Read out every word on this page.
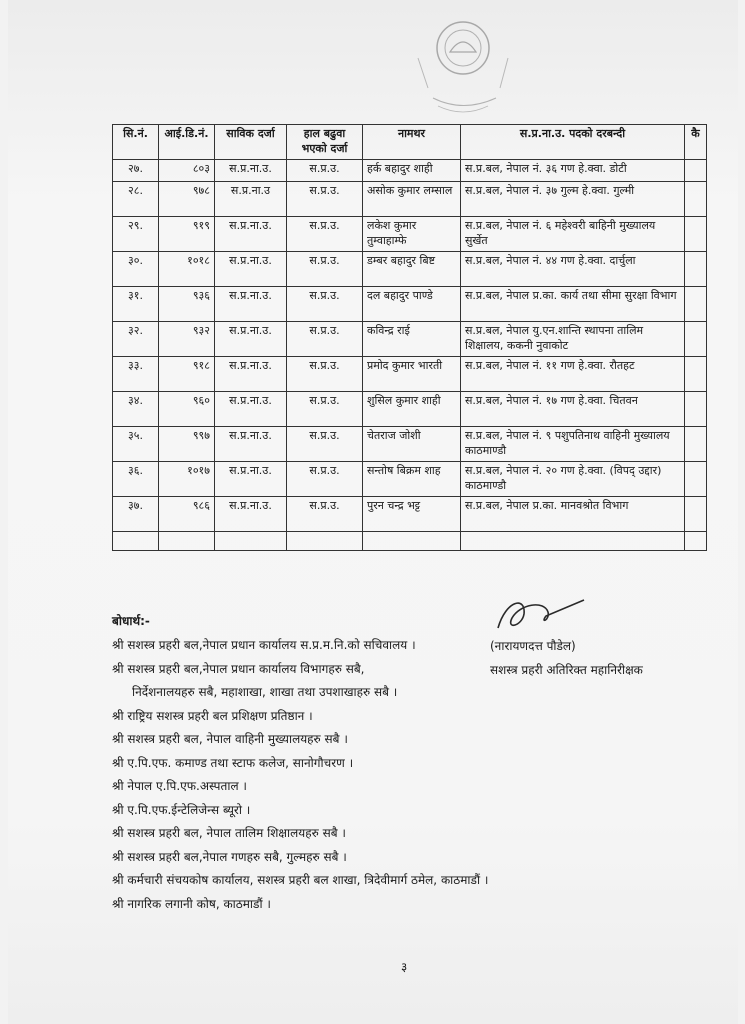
सि.नं.	आई.डि.नं.	साविक दर्जा	हाल बढुवा भएको दर्जा	नामथर	स.प्र.ना.उ. पदको दरबन्दी	कै
२७.	८०३	स.प्र.ना.उ.	स.प्र.उ.	हर्क बहादुर शाही	स.प्र.बल, नेपाल नं. ३६ गण हे.क्वा. डोटी	
२८.	९७८	स.प्र.ना.उ	स.प्र.उ.	असोक कुमार लम्साल	स.प्र.बल, नेपाल नं. ३७ गुल्म हे.क्वा. गुल्मी	
२९.	९१९	स.प्र.ना.उ.	स.प्र.उ.	लकेश कुमार तुम्वाहाम्फे	स.प्र.बल, नेपाल नं. ६ महेश्वरी बाहिनी मुख्यालय सुर्खेत	
३०.	१०१८	स.प्र.ना.उ.	स.प्र.उ.	डम्बर बहादुर बिष्ट	स.प्र.बल, नेपाल नं. ४४ गण हे.क्वा. दार्चुला	
३१.	९३६	स.प्र.ना.उ.	स.प्र.उ.	दल बहादुर पाण्डे	स.प्र.बल, नेपाल प्र.का. कार्य तथा सीमा सुरक्षा विभाग	
३२.	९३२	स.प्र.ना.उ.	स.प्र.उ.	कविन्द्र राई	स.प्र.बल, नेपाल यु.एन.शान्ति स्थापना तालिम शिक्षालय, ककनी नुवाकोट	
३३.	९१८	स.प्र.ना.उ.	स.प्र.उ.	प्रमोद कुमार भारती	स.प्र.बल, नेपाल नं. ११ गण हे.क्वा. रौतहट	
३४.	९६०	स.प्र.ना.उ.	स.प्र.उ.	शुसिल कुमार शाही	स.प्र.बल, नेपाल नं. १७ गण हे.क्वा. चितवन	
३५.	९९७	स.प्र.ना.उ.	स.प्र.उ.	चेतराज जोशी	स.प्र.बल, नेपाल नं. ९ पशुपतिनाथ वाहिनी मुख्यालय काठमाण्डौ	
३६.	१०१७	स.प्र.ना.उ.	स.प्र.उ.	सन्तोष बिक्रम शाह	स.प्र.बल, नेपाल नं. २० गण हे.क्वा. (विपद् उद्दार) काठमाण्डौ	
३७.	९८६	स.प्र.ना.उ.	स.प्र.उ.	पुरन चन्द्र भट्ट	स.प्र.बल, नेपाल प्र.का. मानवश्रोत विभाग	

बोधार्थ:-
(नारायणदत्त पौडेल)
सशस्त्र प्रहरी अतिरिक्त महानिरीक्षक
श्री सशस्त्र प्रहरी बल,नेपाल प्रधान कार्यालय स.प्र.म.नि.को सचिवालय ।
श्री सशस्त्र प्रहरी बल,नेपाल प्रधान कार्यालय विभागहरु सबै,
निर्देशनालयहरु सबै, महाशाखा, शाखा तथा उपशाखाहरु सबै ।
श्री राष्ट्रिय सशस्त्र प्रहरी बल प्रशिक्षण प्रतिष्ठान ।
श्री सशस्त्र प्रहरी बल, नेपाल वाहिनी मुख्यालयहरु सबै ।
श्री ए.पि.एफ. कमाण्ड तथा स्टाफ कलेज, सानोगौचरण ।
श्री नेपाल ए.पि.एफ.अस्पताल ।
श्री ए.पि.एफ.ईन्टेलिजेन्स ब्यूरो ।
श्री सशस्त्र प्रहरी बल, नेपाल तालिम शिक्षालयहरु सबै ।
श्री सशस्त्र प्रहरी बल,नेपाल गणहरु सबै, गुल्महरु सबै ।
श्री कर्मचारी संचयकोष कार्यालय, सशस्त्र प्रहरी बल शाखा, त्रिदेवीमार्ग ठमेल, काठमाडौं ।
श्री नागरिक लगानी कोष, काठमाडौं ।
३
